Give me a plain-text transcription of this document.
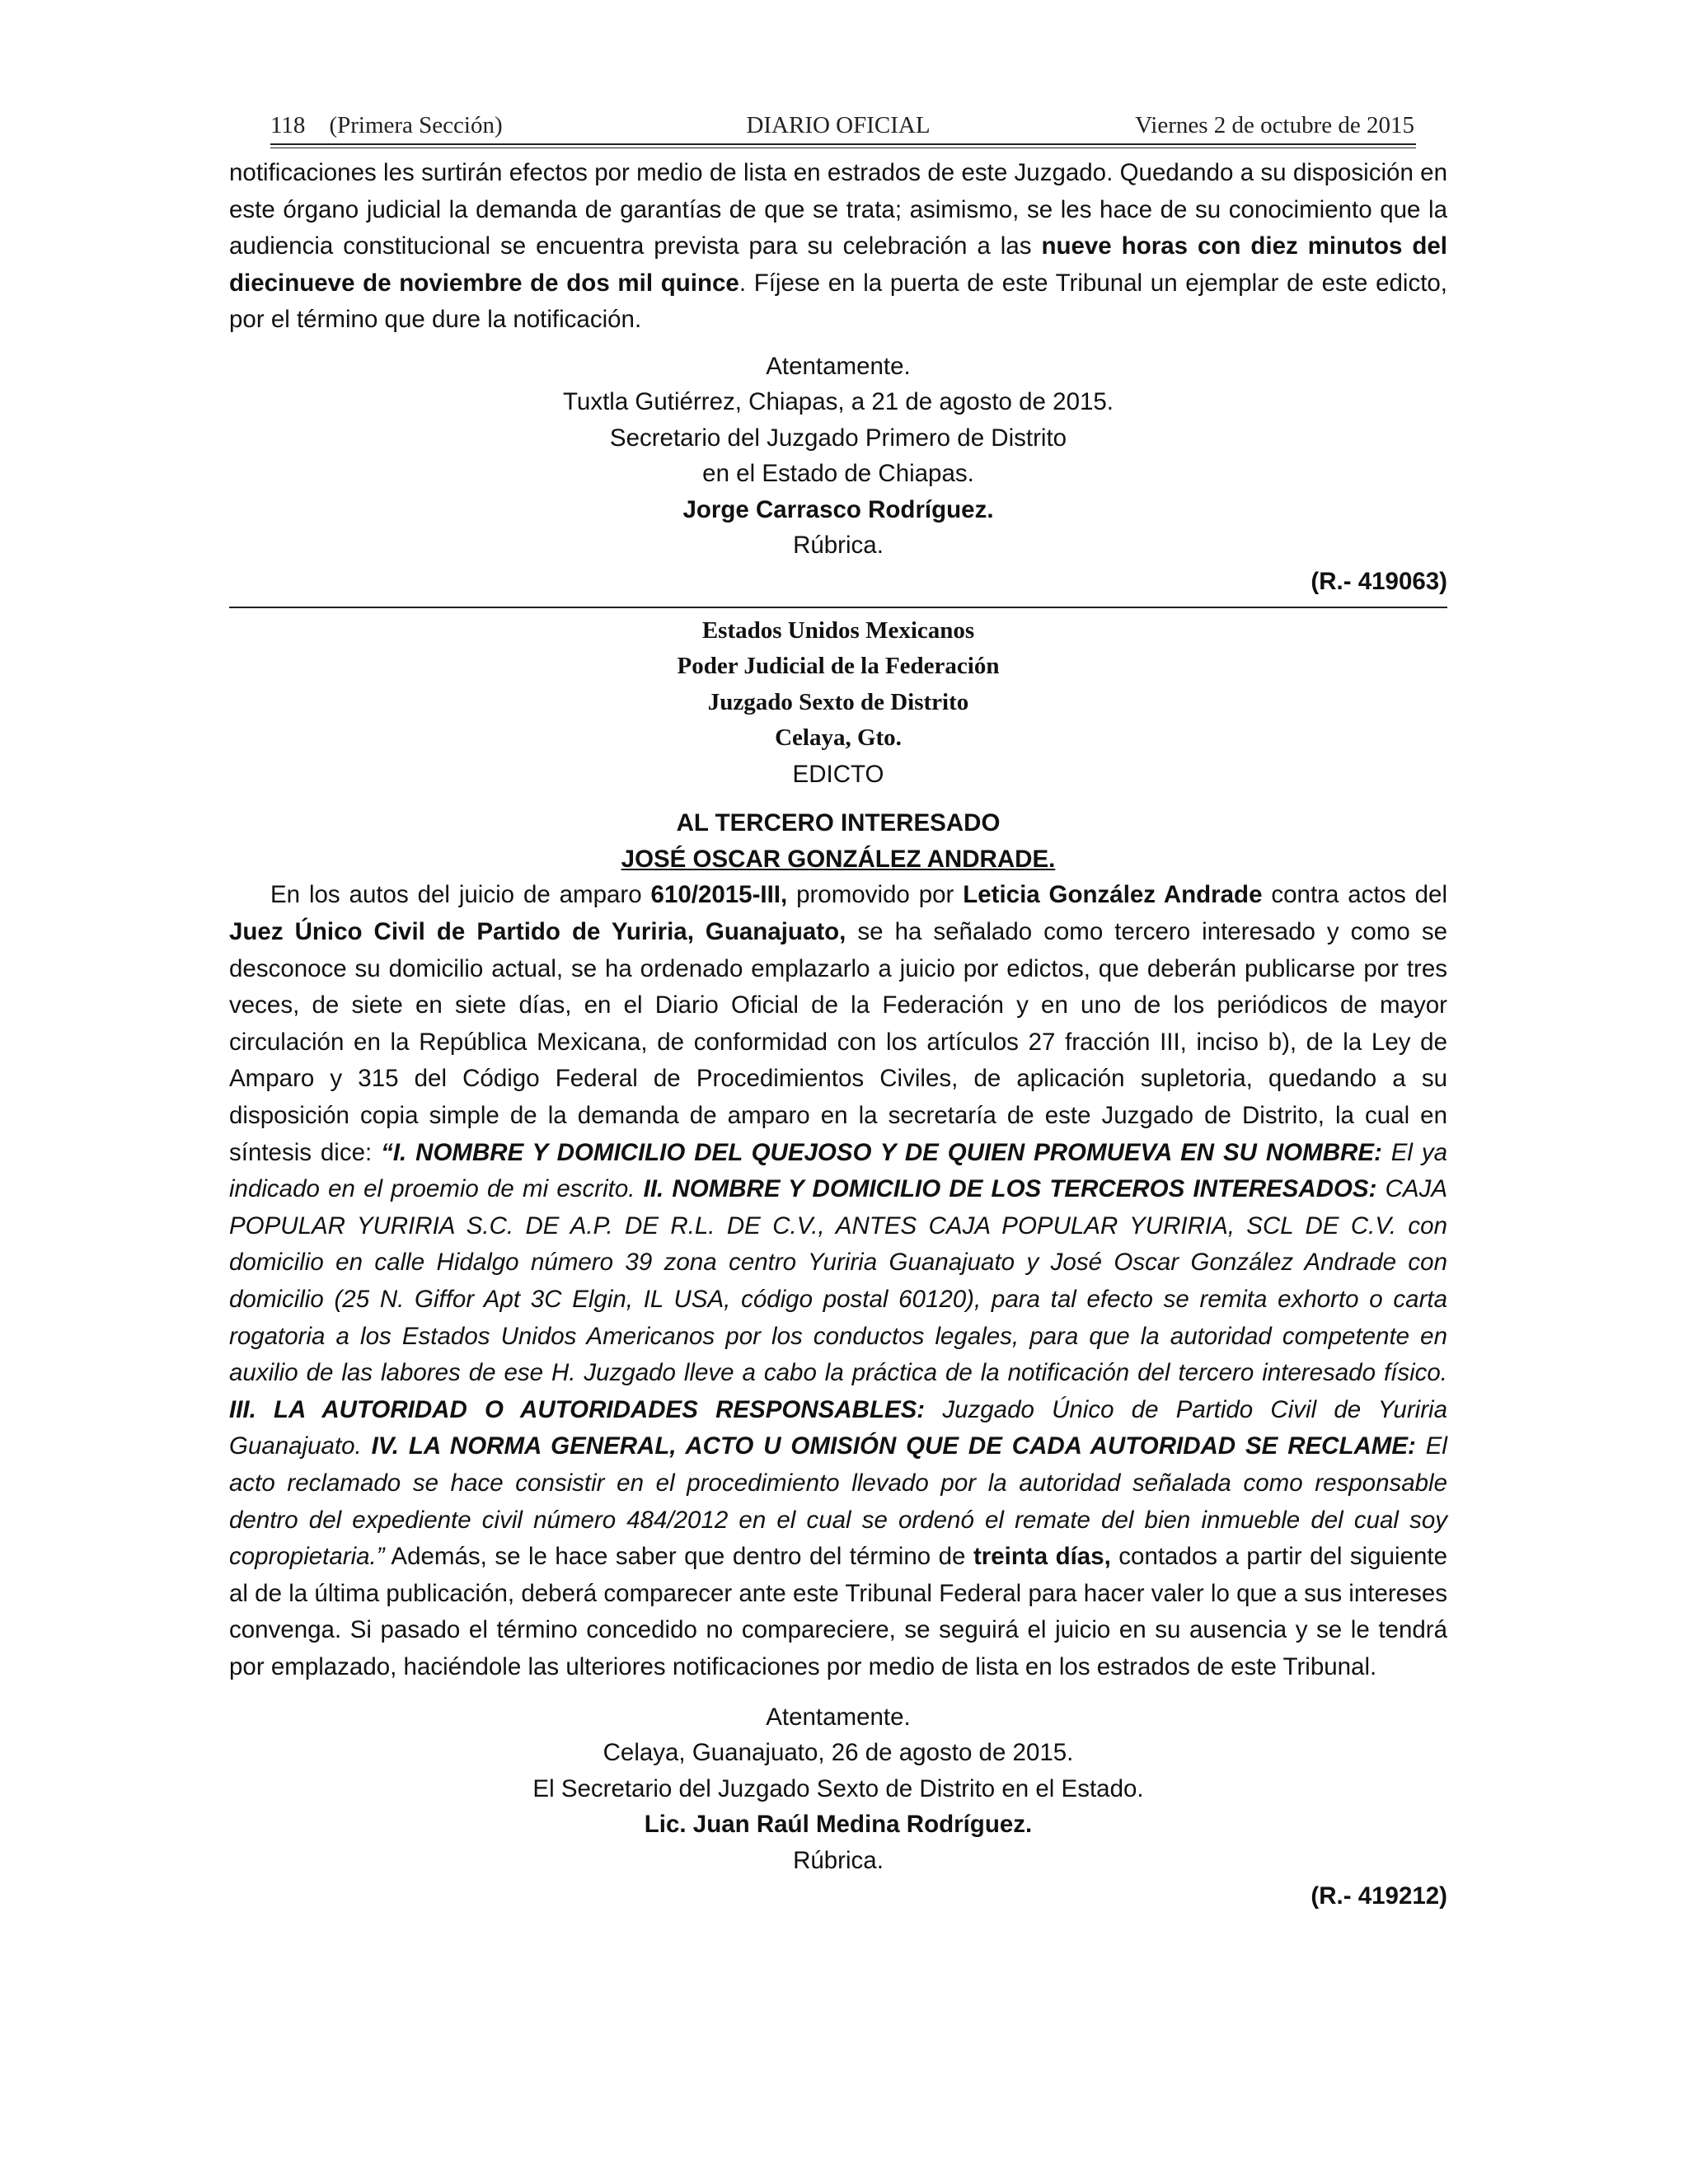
118 (Primera Sección)	DIARIO OFICIAL	Viernes 2 de octubre de 2015

notificaciones les surtirán efectos por medio de lista en estrados de este Juzgado. Quedando a su disposición en este órgano judicial la demanda de garantías de que se trata; asimismo, se les hace de su conocimiento que la audiencia constitucional se encuentra prevista para su celebración a las nueve horas con diez minutos del diecinueve de noviembre de dos mil quince. Fíjese en la puerta de este Tribunal un ejemplar de este edicto, por el término que dure la notificación.

Atentamente.

Tuxtla Gutiérrez, Chiapas, a 21 de agosto de 2015.

Secretario del Juzgado Primero de Distrito

en el Estado de Chiapas.

Jorge Carrasco Rodríguez.

Rúbrica.

(R.- 419063)

Estados Unidos Mexicanos

Poder Judicial de la Federación

Juzgado Sexto de Distrito

Celaya, Gto.

EDICTO

AL TERCERO INTERESADO

JOSÉ OSCAR GONZÁLEZ ANDRADE.

En los autos del juicio de amparo 610/2015-III, promovido por Leticia González Andrade contra actos del Juez Único Civil de Partido de Yuriria, Guanajuato, se ha señalado como tercero interesado y como se desconoce su domicilio actual, se ha ordenado emplazarlo a juicio por edictos, que deberán publicarse por tres veces, de siete en siete días, en el Diario Oficial de la Federación y en uno de los periódicos de mayor circulación en la República Mexicana, de conformidad con los artículos 27 fracción III, inciso b), de la Ley de Amparo y 315 del Código Federal de Procedimientos Civiles, de aplicación supletoria, quedando a su disposición copia simple de la demanda de amparo en la secretaría de este Juzgado de Distrito, la cual en síntesis dice: “I. NOMBRE Y DOMICILIO DEL QUEJOSO Y DE QUIEN PROMUEVA EN SU NOMBRE: El ya indicado en el proemio de mi escrito. II. NOMBRE Y DOMICILIO DE LOS TERCEROS INTERESADOS: CAJA POPULAR YURIRIA S.C. DE A.P. DE R.L. DE C.V., ANTES CAJA POPULAR YURIRIA, SCL DE C.V. con domicilio en calle Hidalgo número 39 zona centro Yuriria Guanajuato y José Oscar González Andrade con domicilio (25 N. Giffor Apt 3C Elgin, IL USA, código postal 60120), para tal efecto se remita exhorto o carta rogatoria a los Estados Unidos Americanos por los conductos legales, para que la autoridad competente en auxilio de las labores de ese H. Juzgado lleve a cabo la práctica de la notificación del tercero interesado físico. III. LA AUTORIDAD O AUTORIDADES RESPONSABLES: Juzgado Único de Partido Civil de Yuriria Guanajuato. IV. LA NORMA GENERAL, ACTO U OMISIÓN QUE DE CADA AUTORIDAD SE RECLAME: El acto reclamado se hace consistir en el procedimiento llevado por la autoridad señalada como responsable dentro del expediente civil número 484/2012 en el cual se ordenó el remate del bien inmueble del cual soy copropietaria.” Además, se le hace saber que dentro del término de treinta días, contados a partir del siguiente al de la última publicación, deberá comparecer ante este Tribunal Federal para hacer valer lo que a sus intereses convenga. Si pasado el término concedido no compareciere, se seguirá el juicio en su ausencia y se le tendrá por emplazado, haciéndole las ulteriores notificaciones por medio de lista en los estrados de este Tribunal.

Atentamente.

Celaya, Guanajuato, 26 de agosto de 2015.

El Secretario del Juzgado Sexto de Distrito en el Estado.

Lic. Juan Raúl Medina Rodríguez.

Rúbrica.

(R.- 419212)
